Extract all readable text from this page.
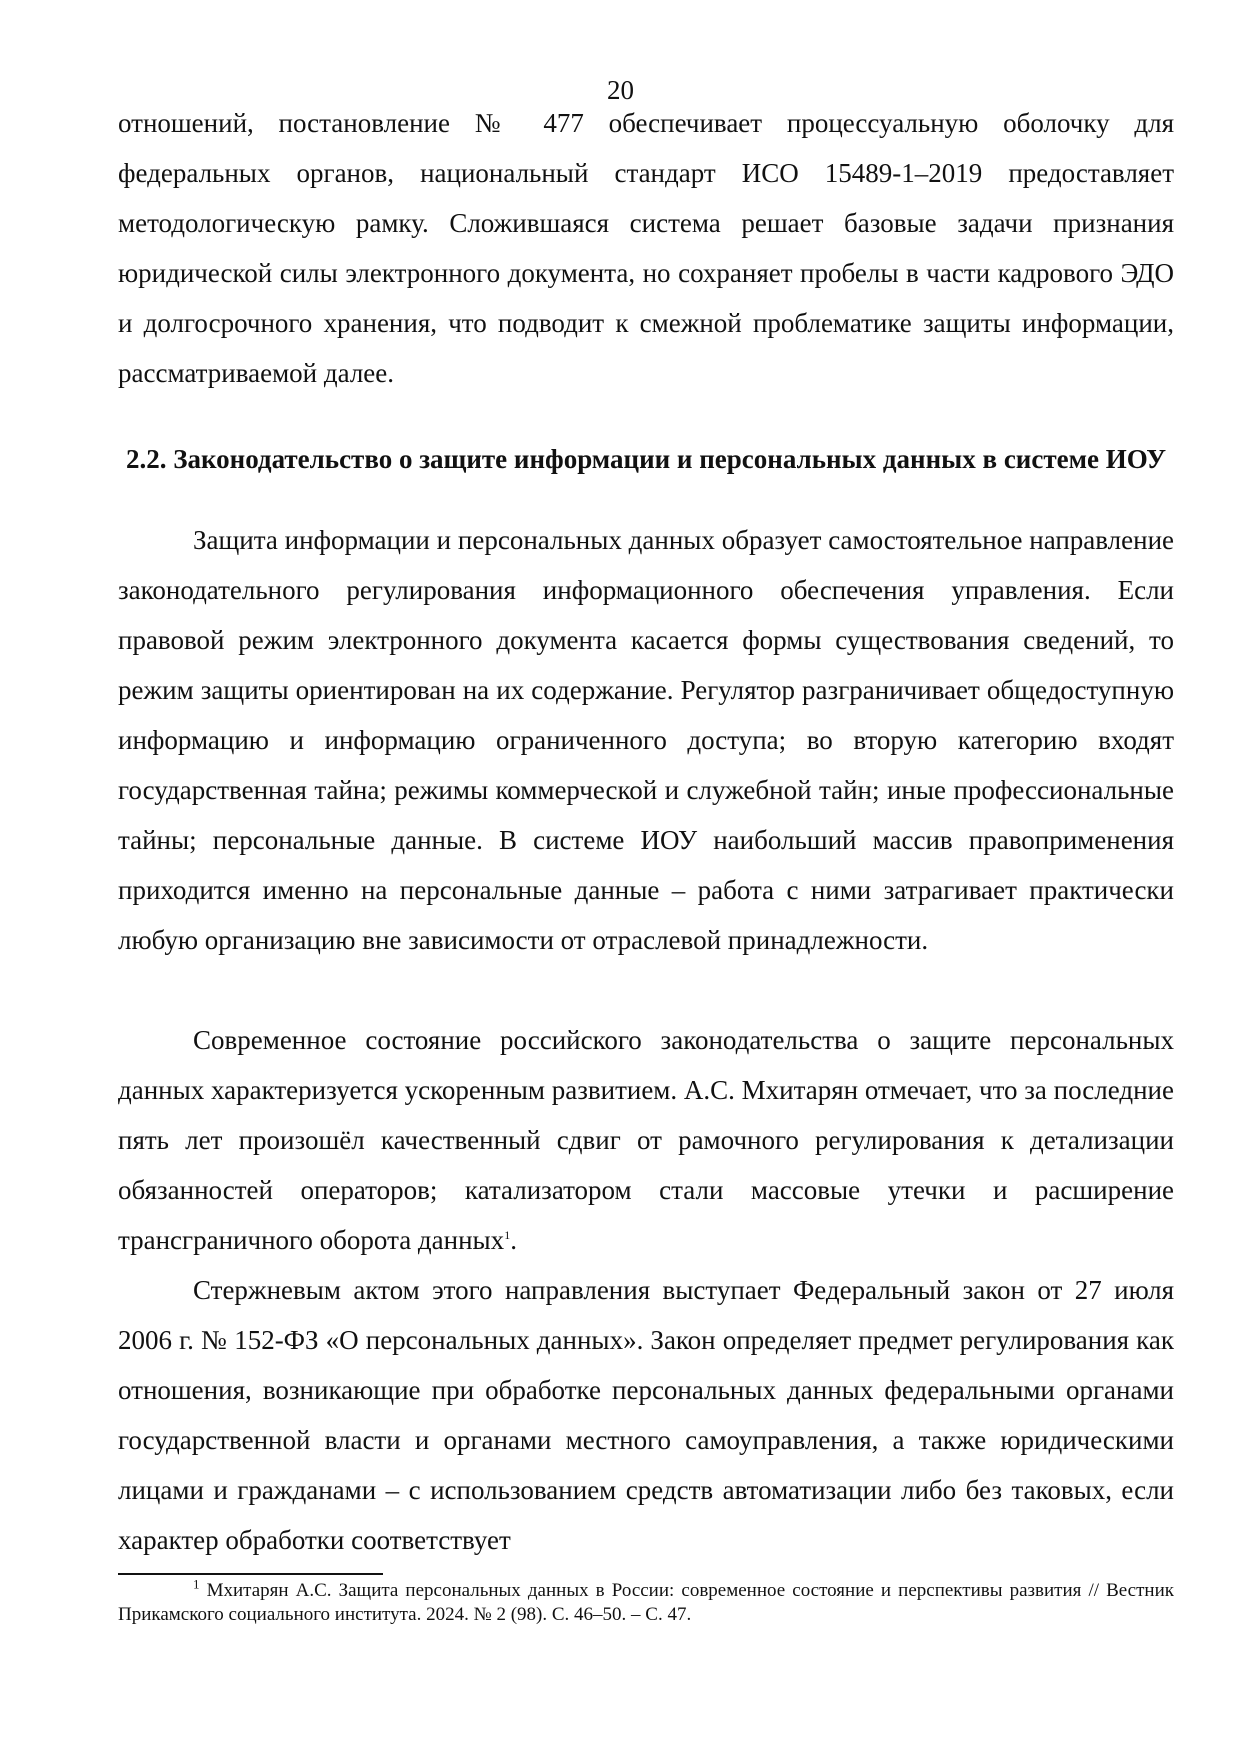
20

отношений, постановление № 477 обеспечивает процессуальную оболочку для федеральных органов, национальный стандарт ИСО 15489-1–2019 предоставляет методологическую рамку. Сложившаяся система решает базовые задачи признания юридической силы электронного документа, но сохраняет пробелы в части кадрового ЭДО и долгосрочного хранения, что подводит к смежной проблематике защиты информации, рассматриваемой далее.

2.2. Законодательство о защите информации и персональных данных в системе ИОУ

Защита информации и персональных данных образует самостоятельное направление законодательного регулирования информационного обеспечения управления. Если правовой режим электронного документа касается формы существования сведений, то режим защиты ориентирован на их содержание. Регулятор разграничивает общедоступную информацию и информацию ограниченного доступа; во вторую категорию входят государственная тайна; режимы коммерческой и служебной тайн; иные профессиональные тайны; персональные данные. В системе ИОУ наибольший массив правоприменения приходится именно на персональные данные – работа с ними затрагивает практически любую организацию вне зависимости от отраслевой принадлежности.

Современное состояние российского законодательства о защите персональных данных характеризуется ускоренным развитием. А.С. Мхитарян отмечает, что за последние пять лет произошёл качественный сдвиг от рамочного регулирования к детализации обязанностей операторов; катализатором стали массовые утечки и расширение трансграничного оборота данных$^1$.

Стержневым актом этого направления выступает Федеральный закон от 27 июля 2006 г. № 152-ФЗ «О персональных данных». Закон определяет предмет регулирования как отношения, возникающие при обработке персональных данных федеральными органами государственной власти и органами местного самоуправления, а также юридическими лицами и гражданами – с использованием средств автоматизации либо без таковых, если характер обработки соответствует

$^1$ Мхитарян А.С. Защита персональных данных в России: современное состояние и перспективы развития // Вестник Прикамского социального института. 2024. № 2 (98). С. 46–50. – С. 47.
